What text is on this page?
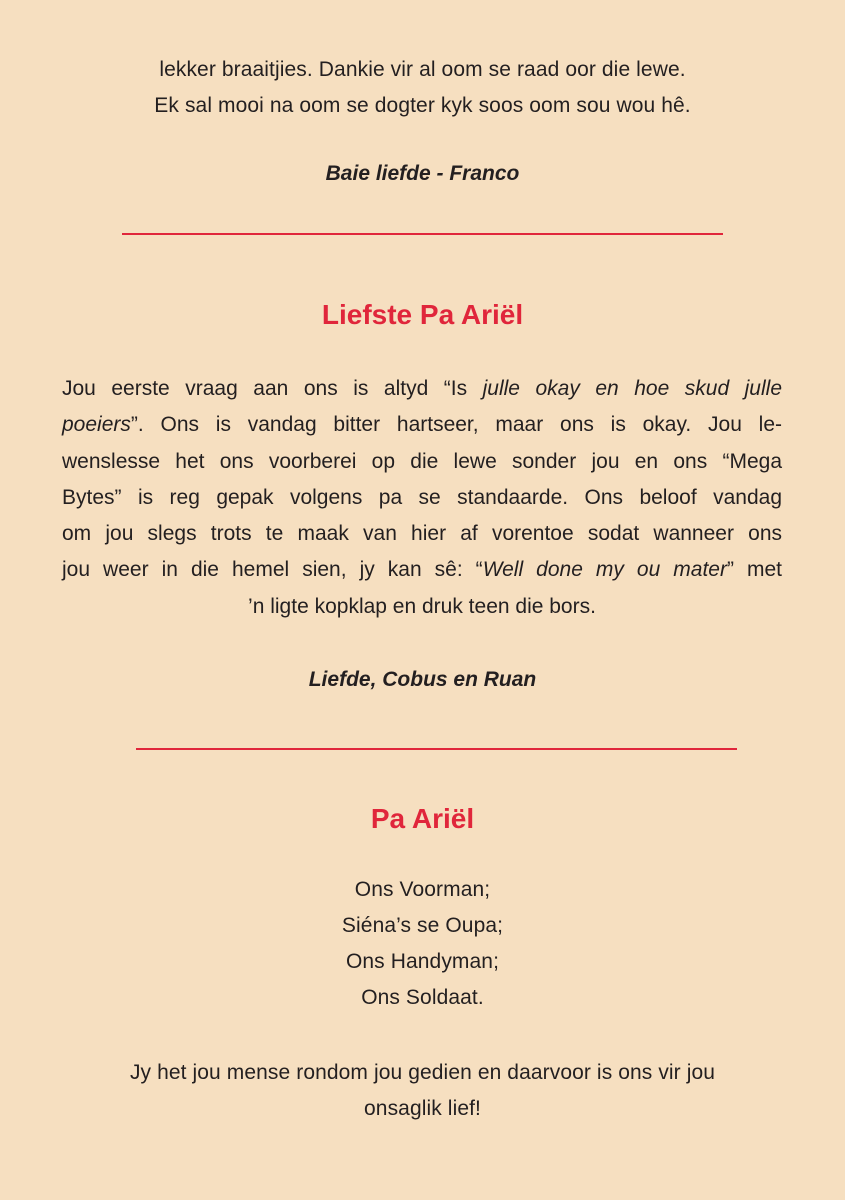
lekker braaitjies. Dankie vir al oom se raad oor die lewe.
Ek sal mooi na oom se dogter kyk soos oom sou wou hê.
Baie liefde - Franco
Liefste Pa Ariël
Jou eerste vraag aan ons is altyd “Is julle okay en hoe skud julle
poeiers”. Ons is vandag bitter hartseer, maar ons is okay. Jou le-
wenslesse het ons voorberei op die lewe sonder jou en ons “Mega
Bytes” is reg gepak volgens pa se standaarde. Ons beloof vandag
om jou slegs trots te maak van hier af vorentoe sodat wanneer ons
jou weer in die hemel sien, jy kan sê: “Well done my ou mater” met
’n ligte kopklap en druk teen die bors.
Liefde, Cobus en Ruan
Pa Ariël
Ons Voorman;
Siéna’s se Oupa;
Ons Handyman;
Ons Soldaat.
Jy het jou mense rondom jou gedien en daarvoor is ons vir jou
onsaglik lief!
